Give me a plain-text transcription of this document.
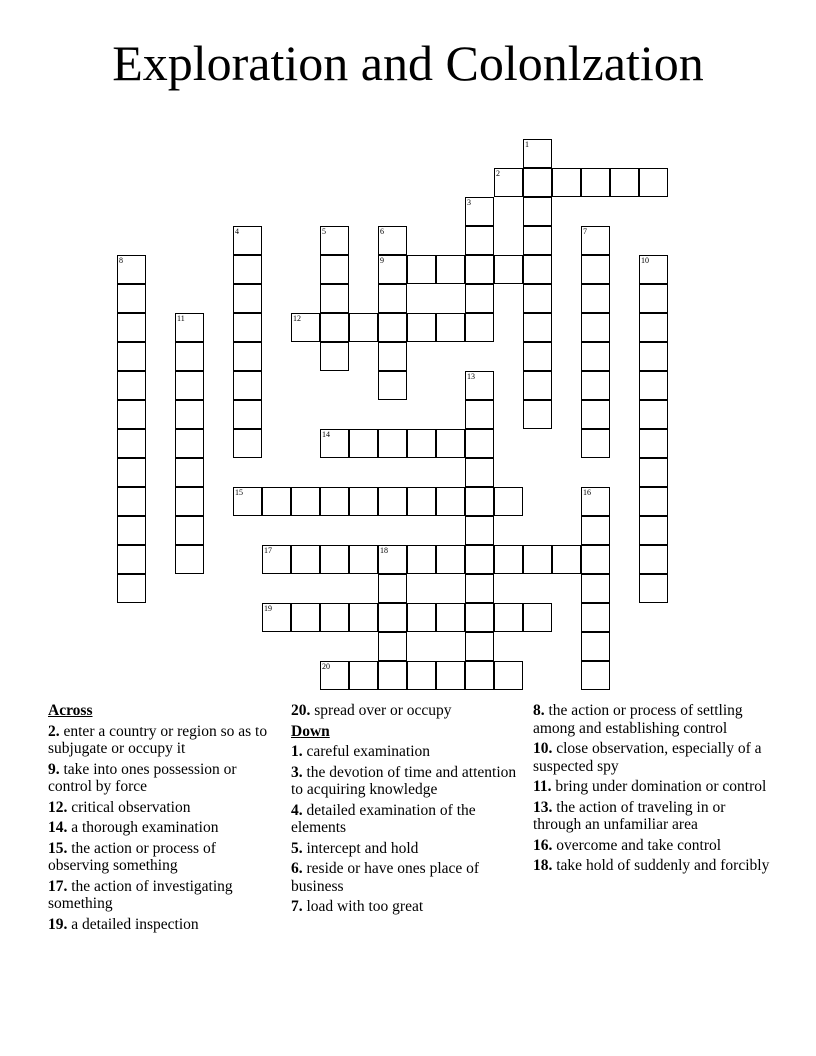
Exploration and Colonlzation
1
2
3
4	5	6	7
8	9	10
11	12
13
14
15	16
17	18
19
20
Across
2. enter a country or region so as to subjugate or occupy it
9. take into ones possession or control by force
12. critical observation
14. a thorough examination
15. the action or process of observing something
17. the action of investigating something
19. a detailed inspection
20. spread over or occupy
Down
1. careful examination
3. the devotion of time and attention to acquiring knowledge
4. detailed examination of the elements
5. intercept and hold
6. reside or have ones place of business
7. load with too great
8. the action or process of settling among and establishing control
10. close observation, especially of a suspected spy
11. bring under domination or control
13. the action of traveling in or through an unfamiliar area
16. overcome and take control
18. take hold of suddenly and forcibly
